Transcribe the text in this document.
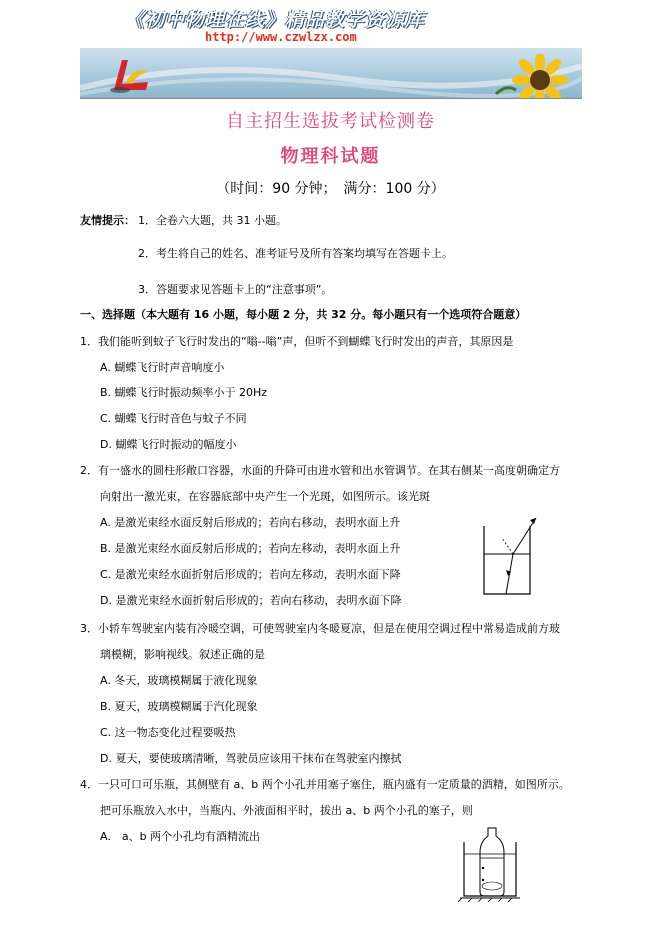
《初中物理在线》精品教学资源库
http://www.czwlzx.com
自主招生选拔考试检测卷
物理科试题
（时间：90 分钟；　满分：100 分）
友情提示： 1．全卷六大题，共 31 小题。
2．考生将自己的姓名、准考证号及所有答案均填写在答题卡上。
3．答题要求见答题卡上的“注意事项”。
一、选择题（本大题有 16 小题，每小题 2 分，共 32 分。每小题只有一个选项符合题意）
1．我们能听到蚊子飞行时发出的“嗡--嗡”声，但听不到蝴蝶飞行时发出的声音，其原因是
A. 蝴蝶飞行时声音响度小
B. 蝴蝶飞行时振动频率小于 20Hz
C. 蝴蝶飞行时音色与蚊子不同
D. 蝴蝶飞行时振动的幅度小
2．有一盛水的圆柱形敞口容器，水面的升降可由进水管和出水管调节。在其右侧某一高度朝确定方
向射出一激光束，在容器底部中央产生一个光斑，如图所示。该光斑
A. 是激光束经水面反射后形成的；若向右移动，表明水面上升
B. 是激光束经水面反射后形成的；若向左移动，表明水面上升
C. 是激光束经水面折射后形成的；若向左移动，表明水面下降
D. 是激光束经水面折射后形成的；若向右移动，表明水面下降
3．小轿车驾驶室内装有冷暖空调，可使驾驶室内冬暖夏凉，但是在使用空调过程中常易造成前方玻
璃模糊，影响视线。叙述正确的是
A. 冬天，玻璃模糊属于液化现象
B. 夏天，玻璃模糊属于汽化现象
C. 这一物态变化过程要吸热
D. 夏天，要使玻璃清晰，驾驶员应该用干抹布在驾驶室内擦拭
4．一只可口可乐瓶，其侧壁有 a、b 两个小孔并用塞子塞住，瓶内盛有一定质量的酒精，如图所示。
把可乐瓶放入水中，当瓶内、外液面相平时，拔出 a、b 两个小孔的塞子，则
A.　a、b 两个小孔均有酒精流出
